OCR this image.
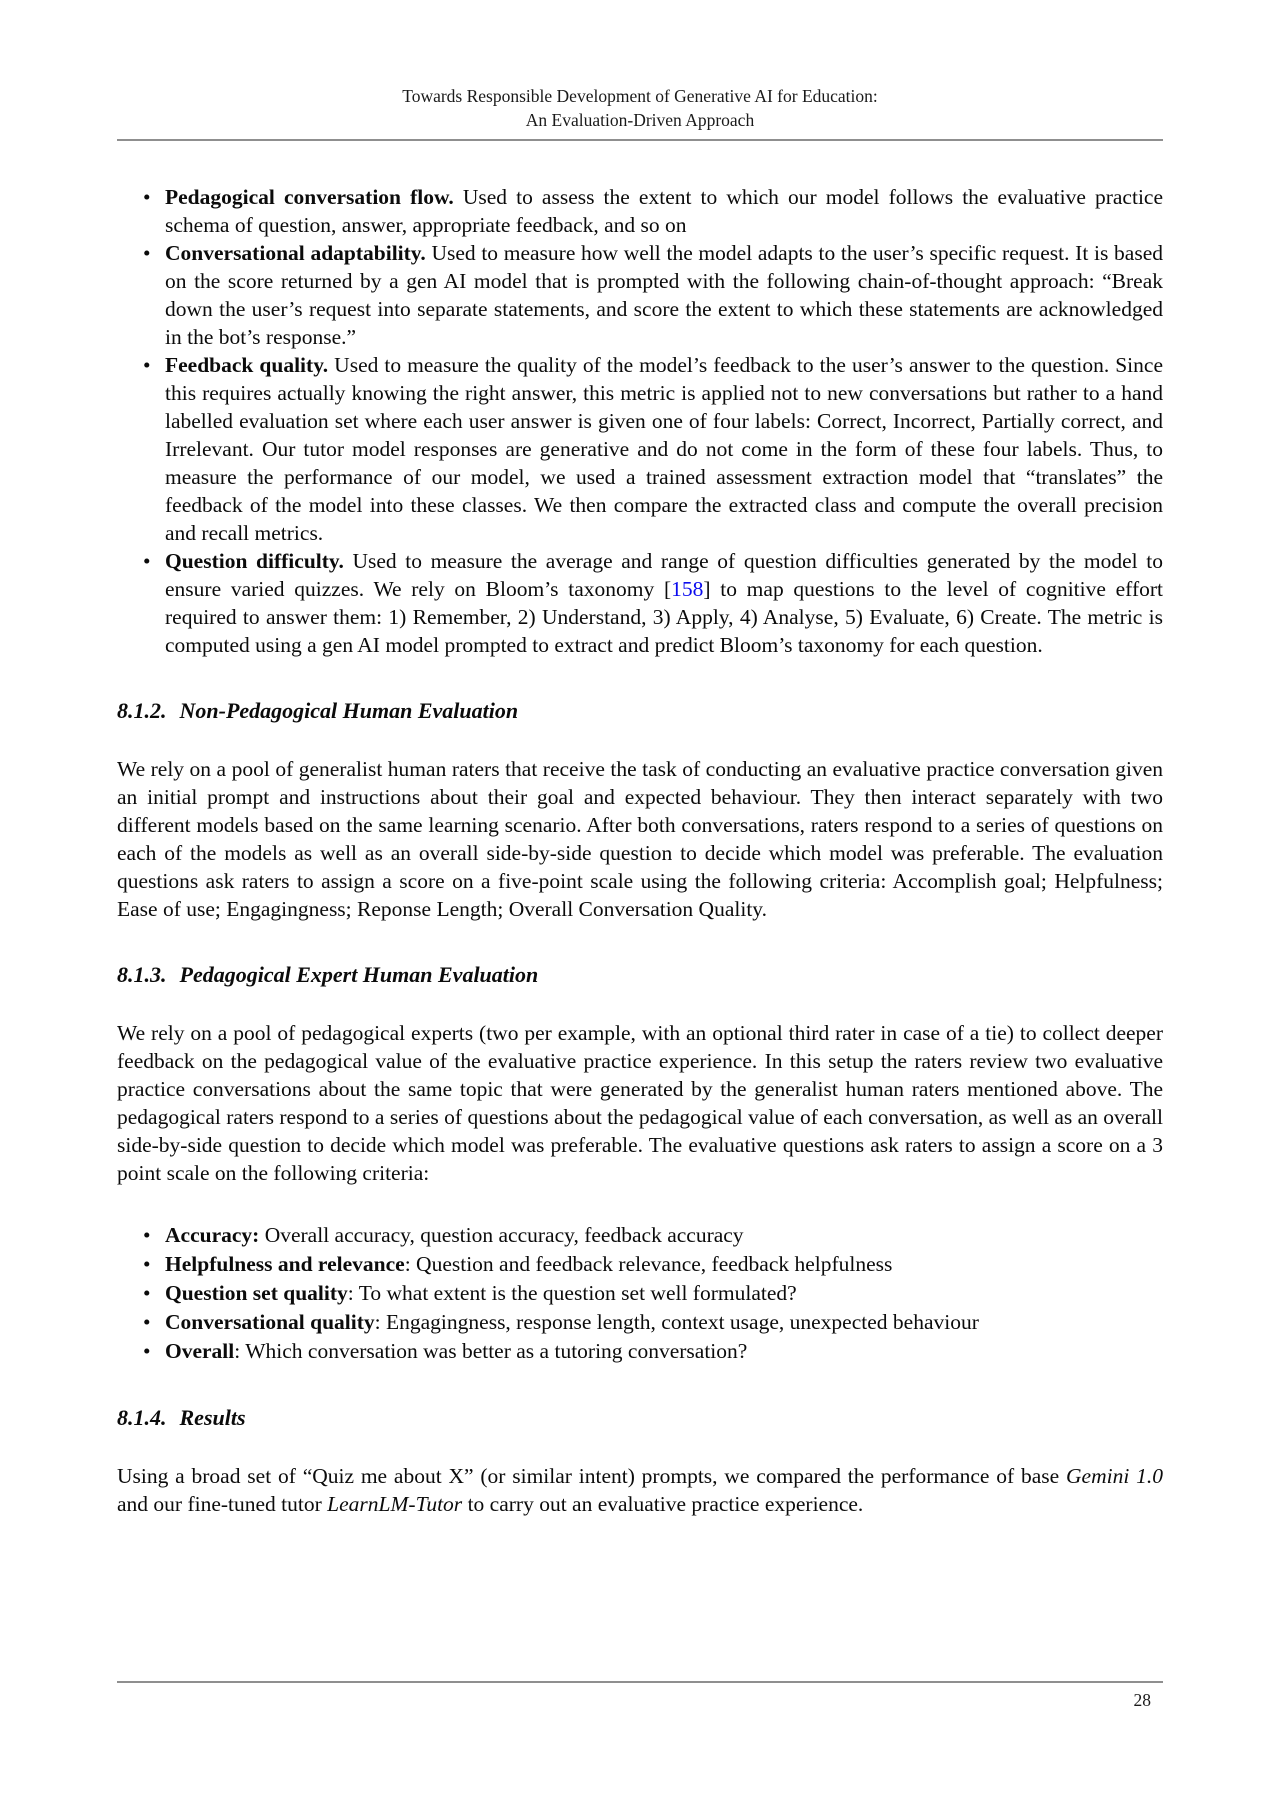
Towards Responsible Development of Generative AI for Education:
An Evaluation-Driven Approach
• Pedagogical conversation flow. Used to assess the extent to which our model follows the evaluative practice schema of question, answer, appropriate feedback, and so on
• Conversational adaptability. Used to measure how well the model adapts to the user’s specific request. It is based on the score returned by a gen AI model that is prompted with the following chain-of-thought approach: “Break down the user’s request into separate statements, and score the extent to which these statements are acknowledged in the bot’s response.”
• Feedback quality. Used to measure the quality of the model’s feedback to the user’s answer to the question. Since this requires actually knowing the right answer, this metric is applied not to new conversations but rather to a hand labelled evaluation set where each user answer is given one of four labels: Correct, Incorrect, Partially correct, and Irrelevant. Our tutor model responses are generative and do not come in the form of these four labels. Thus, to measure the performance of our model, we used a trained assessment extraction model that “translates” the feedback of the model into these classes. We then compare the extracted class and compute the overall precision and recall metrics.
• Question difficulty. Used to measure the average and range of question difficulties generated by the model to ensure varied quizzes. We rely on Bloom’s taxonomy [158] to map questions to the level of cognitive effort required to answer them: 1) Remember, 2) Understand, 3) Apply, 4) Analyse, 5) Evaluate, 6) Create. The metric is computed using a gen AI model prompted to extract and predict Bloom’s taxonomy for each question.
8.1.2. Non-Pedagogical Human Evaluation

We rely on a pool of generalist human raters that receive the task of conducting an evaluative practice conversation given an initial prompt and instructions about their goal and expected behaviour. They then interact separately with two different models based on the same learning scenario. After both conversations, raters respond to a series of questions on each of the models as well as an overall side-by-side question to decide which model was preferable. The evaluation questions ask raters to assign a score on a five-point scale using the following criteria: Accomplish goal; Helpfulness; Ease of use; Engagingness; Reponse Length; Overall Conversation Quality.

8.1.3. Pedagogical Expert Human Evaluation

We rely on a pool of pedagogical experts (two per example, with an optional third rater in case of a tie) to collect deeper feedback on the pedagogical value of the evaluative practice experience. In this setup the raters review two evaluative practice conversations about the same topic that were generated by the generalist human raters mentioned above. The pedagogical raters respond to a series of questions about the pedagogical value of each conversation, as well as an overall side-by-side question to decide which model was preferable. The evaluative questions ask raters to assign a score on a 3 point scale on the following criteria:

• Accuracy: Overall accuracy, question accuracy, feedback accuracy
• Helpfulness and relevance: Question and feedback relevance, feedback helpfulness
• Question set quality: To what extent is the question set well formulated?
• Conversational quality: Engagingness, response length, context usage, unexpected behaviour
• Overall: Which conversation was better as a tutoring conversation?
8.1.4. Results

Using a broad set of “Quiz me about X” (or similar intent) prompts, we compared the performance of base Gemini 1.0 and our fine-tuned tutor LearnLM-Tutor to carry out an evaluative practice experience.

28
